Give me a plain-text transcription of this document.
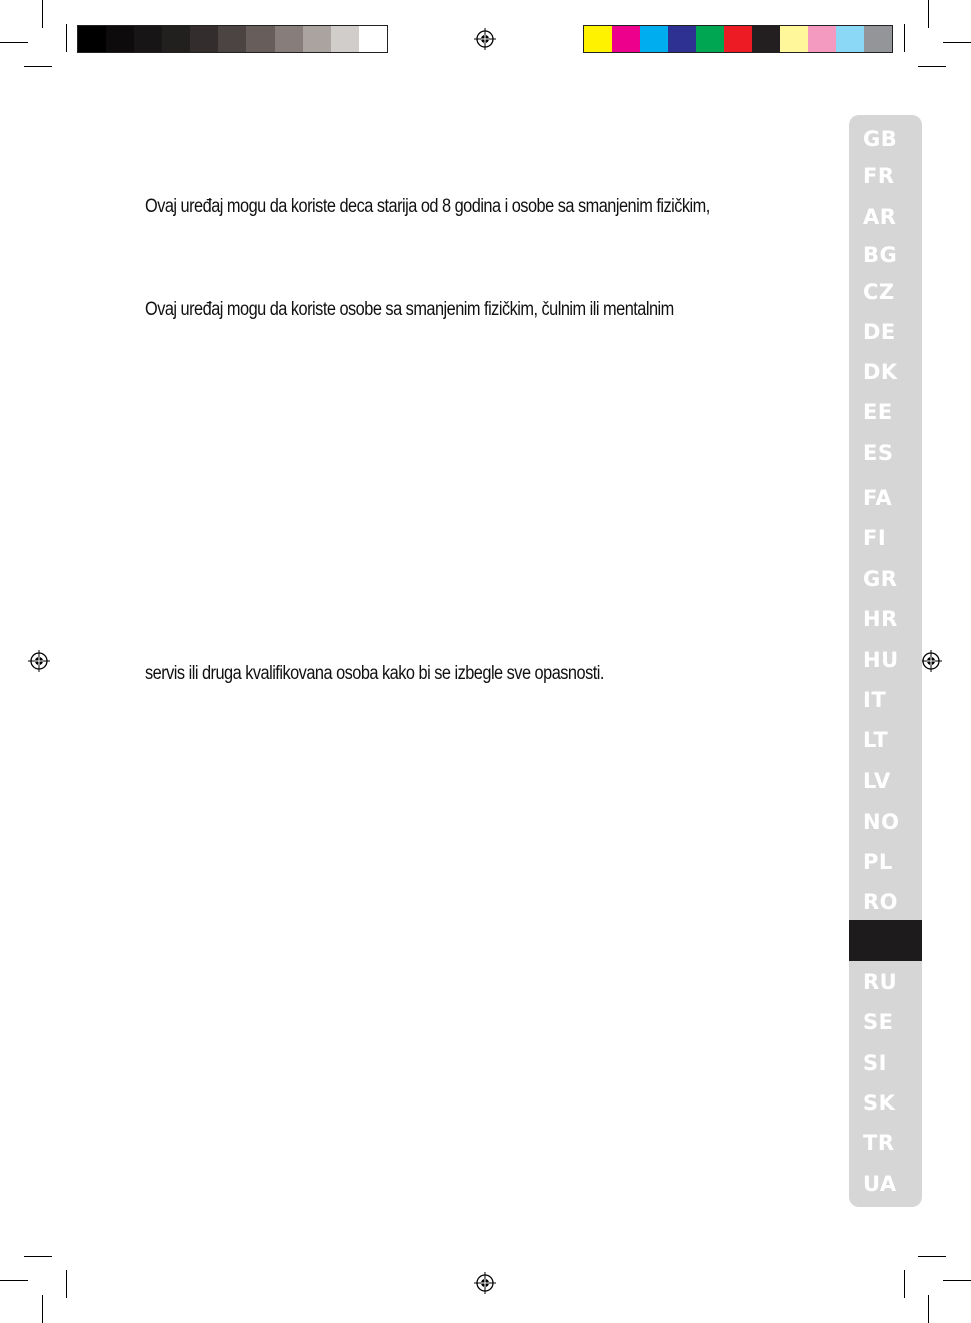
Ovaj uređaj mogu da koriste deca starija od 8 godina i osobe sa smanjenim fizičkim,

Ovaj uređaj mogu da koriste osobe sa smanjenim fizičkim, čulnim ili mentalnim

servis ili druga kvalifikovana osoba kako bi se izbegle sve opasnosti.

GB
FR
AR
BG
CZ
DE
DK
EE
ES
FA
FI
GR
HR
HU
IT
LT
LV
NO
PL
RO
RU
SE
SI
SK
TR
UA
